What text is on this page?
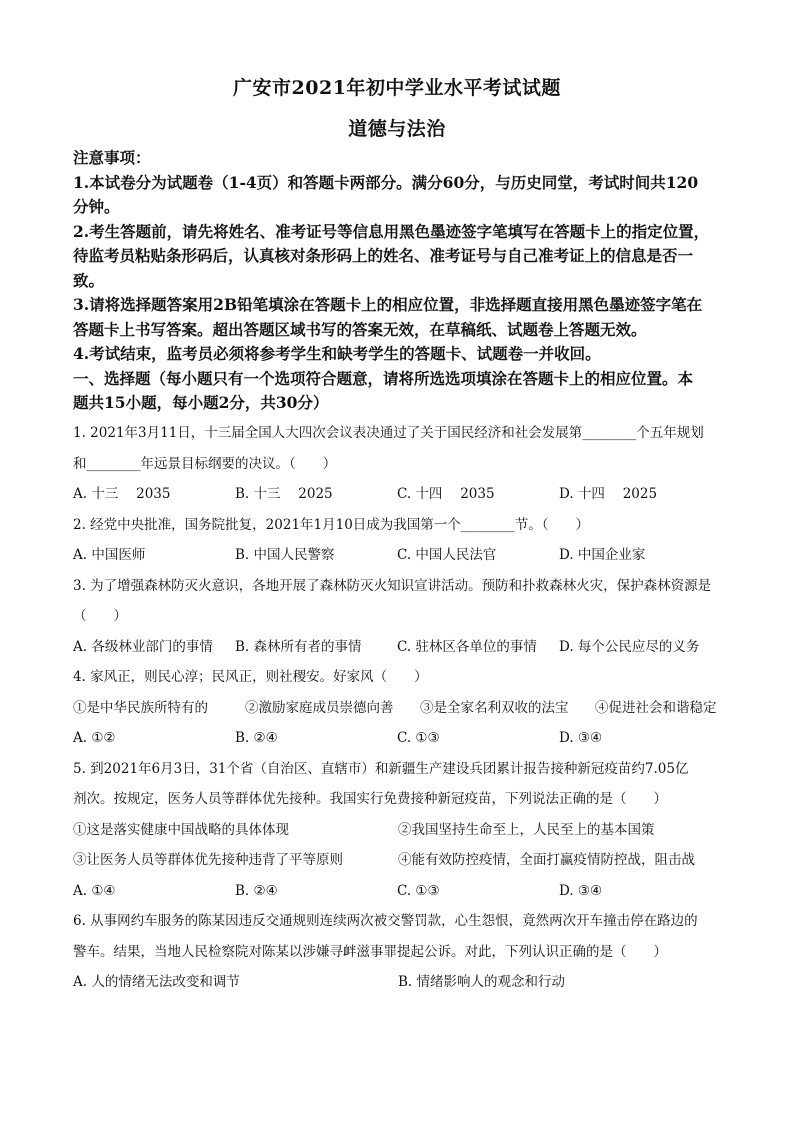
广安市2021年初中学业水平考试试题
道德与法治

注意事项：

1.本试卷分为试题卷（1-4页）和答题卡两部分。满分60分，与历史同堂，考试时间共120

分钟。

2.考生答题前，请先将姓名、准考证号等信息用黑色墨迹签字笔填写在答题卡上的指定位置，

待监考员粘贴条形码后，认真核对条形码上的姓名、准考证号与自己准考证上的信息是否一

致。

3.请将选择题答案用2B铅笔填涂在答题卡上的相应位置，非选择题直接用黑色墨迹签字笔在

答题卡上书写答案。超出答题区域书写的答案无效，在草稿纸、试题卷上答题无效。

4.考试结束，监考员必须将参考学生和缺考学生的答题卡、试题卷一并收回。

一、选择题（每小题只有一个选项符合题意，请将所选选项填涂在答题卡上的相应位置。本

题共15小题，每小题2分，共30分）

1. 2021年3月11日，十三届全国人大四次会议表决通过了关于国民经济和社会发展第________个五年规划

和________年远景目标纲要的决议。（　　）

A. 十三　 2035	B. 十三　 2025	C. 十四　 2035	D. 十四　 2025

2. 经党中央批准，国务院批复，2021年1月10日成为我国第一个________节。（　　）

A. 中国医师	B. 中国人民警察	C. 中国人民法官	D. 中国企业家

3. 为了增强森林防灭火意识，各地开展了森林防灭火知识宣讲活动。预防和扑救森林火灾，保护森林资源是

（　　）

A. 各级林业部门的事情	B. 森林所有者的事情	C. 驻林区各单位的事情	D. 每个公民应尽的义务

4. 家风正，则民心淳；民风正，则社稷安。好家风（　　）

①是中华民族所特有的	②激励家庭成员崇德向善	③是全家名利双收的法宝	④促进社会和谐稳定
A. ①②	B. ②④	C. ①③	D. ③④

5. 到2021年6月3日，31个省（自治区、直辖市）和新疆生产建设兵团累计报告接种新冠疫苗约7.05亿

剂次。按规定，医务人员等群体优先接种。我国实行免费接种新冠疫苗，下列说法正确的是（　　）

①这是落实健康中国战略的具体体现	②我国坚持生命至上，人民至上的基本国策
③让医务人员等群体优先接种违背了平等原则	④能有效防控疫情，全面打赢疫情防控战，阻击战
A. ①④	B. ②④	C. ①③	D. ③④

6. 从事网约车服务的陈某因违反交通规则连续两次被交警罚款，心生怨恨，竟然两次开车撞击停在路边的

警车。结果，当地人民检察院对陈某以涉嫌寻衅滋事罪提起公诉。对此，下列认识正确的是（　　）

A. 人的情绪无法改变和调节	B. 情绪影响人的观念和行动
